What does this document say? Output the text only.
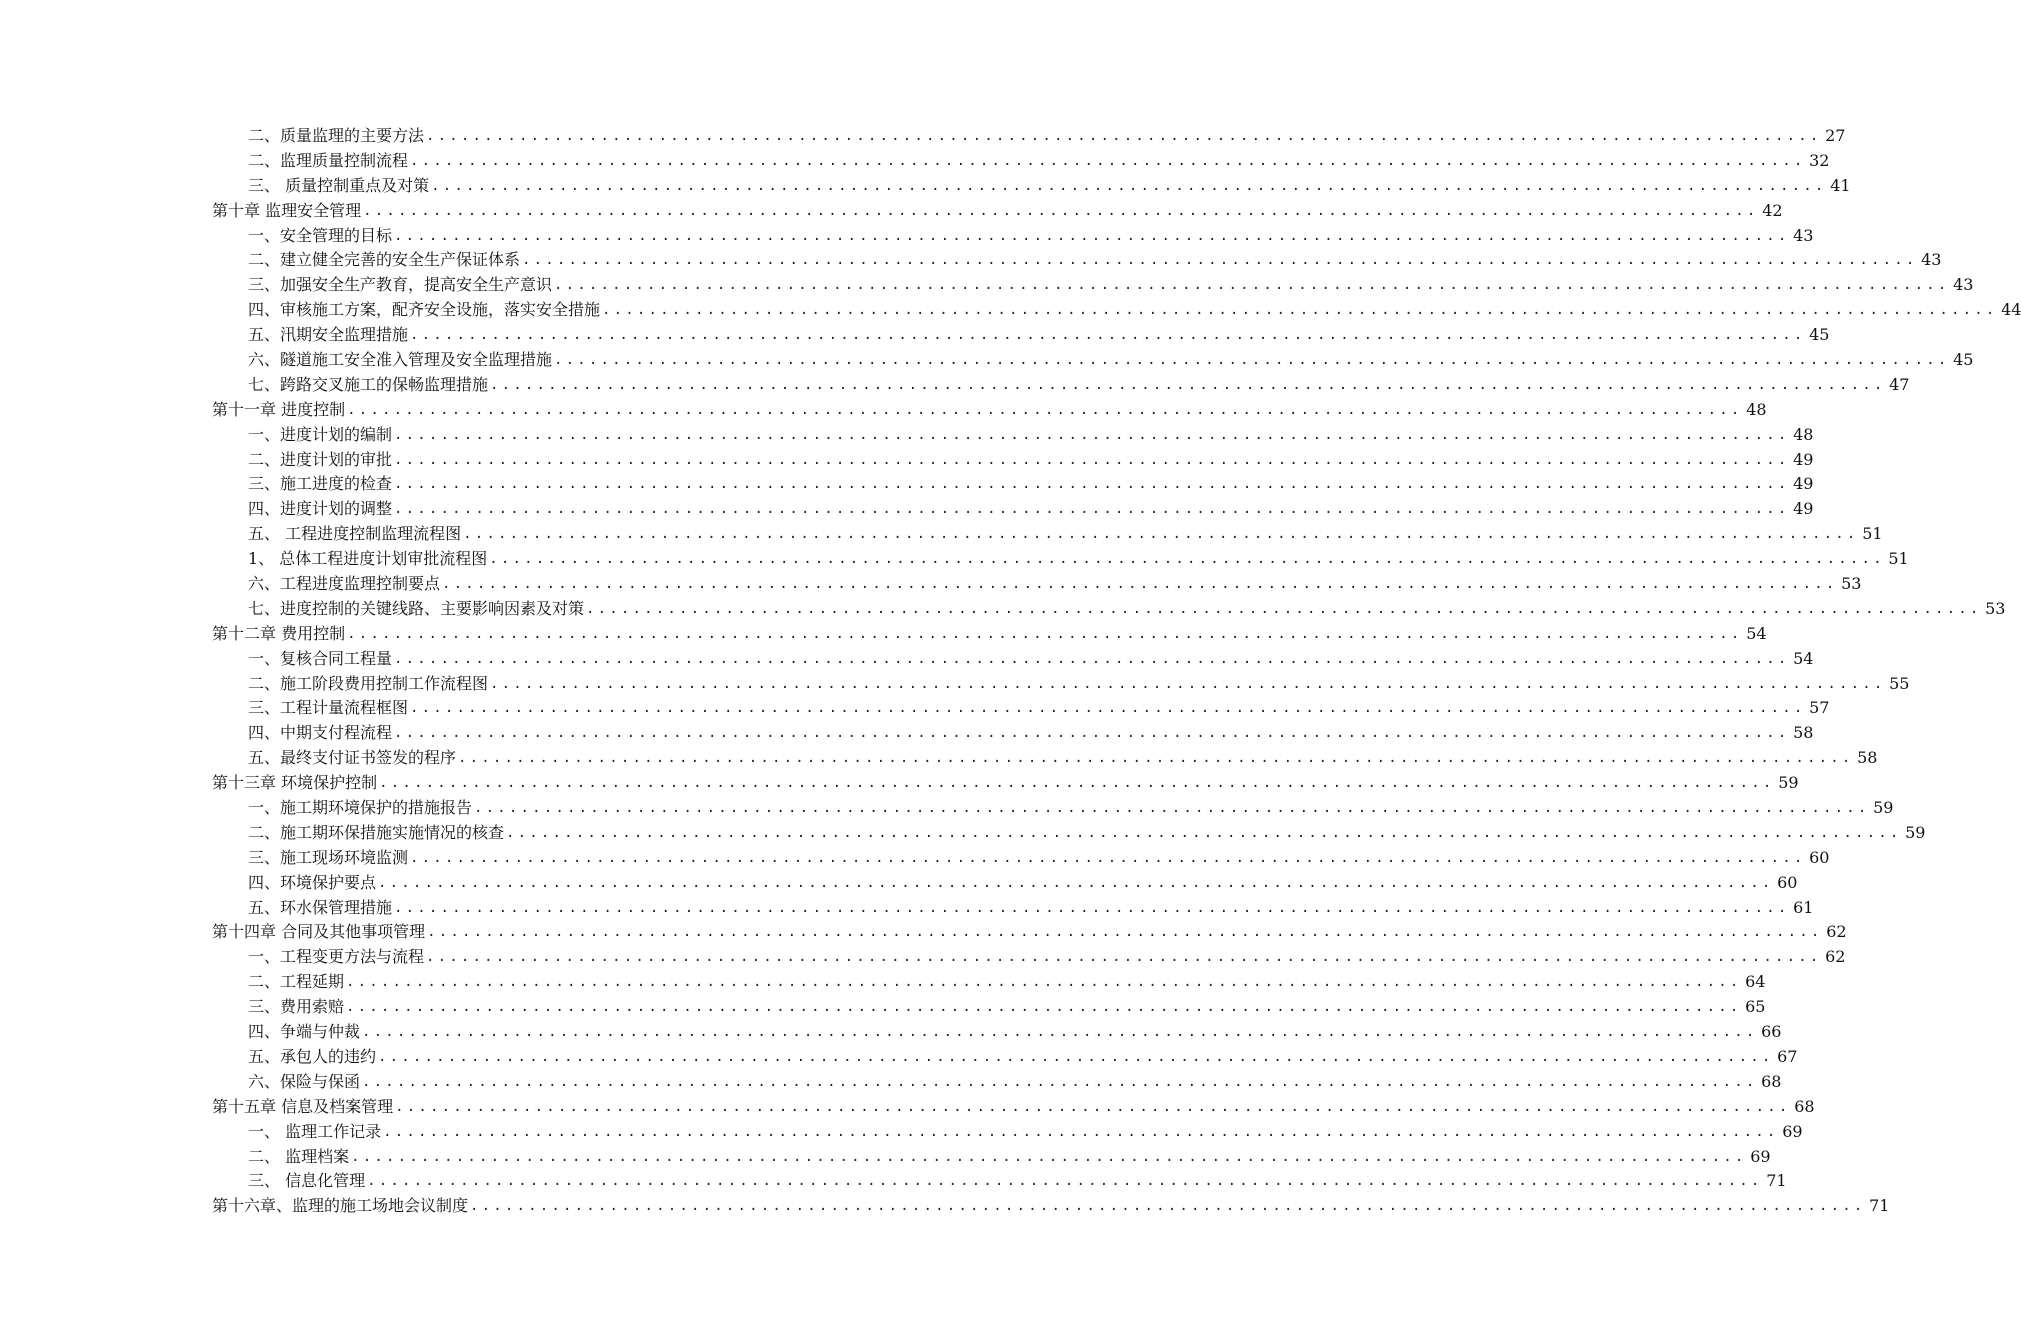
二、质量监理的主要方法 ........................................................................................................................ 27
二、监理质量控制流程 ........................................................................................................................ 32
三、 质量控制重点及对策 ........................................................................................................................ 41
第十章 监理安全管理 ........................................................................................................................ 42
一、安全管理的目标 ........................................................................................................................ 43
二、建立健全完善的安全生产保证体系 ........................................................................................................................ 43
三、加强安全生产教育，提高安全生产意识 ........................................................................................................................ 43
四、审核施工方案，配齐安全设施，落实安全措施 ........................................................................................................................ 44
五、汛期安全监理措施 ........................................................................................................................ 45
六、隧道施工安全准入管理及安全监理措施 ........................................................................................................................ 45
七、跨路交叉施工的保畅监理措施 ........................................................................................................................ 47
第十一章 进度控制 ........................................................................................................................ 48
一、进度计划的编制 ........................................................................................................................ 48
二、进度计划的审批 ........................................................................................................................ 49
三、施工进度的检查 ........................................................................................................................ 49
四、进度计划的调整 ........................................................................................................................ 49
五、 工程进度控制监理流程图 ........................................................................................................................ 51
1、 总体工程进度计划审批流程图 ........................................................................................................................ 51
六、工程进度监理控制要点 ........................................................................................................................ 53
七、进度控制的关键线路、主要影响因素及对策 ........................................................................................................................ 53
第十二章 费用控制 ........................................................................................................................ 54
一、复核合同工程量 ........................................................................................................................ 54
二、施工阶段费用控制工作流程图 ........................................................................................................................ 55
三、工程计量流程框图 ........................................................................................................................ 57
四、中期支付程流程 ........................................................................................................................ 58
五、最终支付证书签发的程序 ........................................................................................................................ 58
第十三章 环境保护控制 ........................................................................................................................ 59
一、施工期环境保护的措施报告 ........................................................................................................................ 59
二、施工期环保措施实施情况的核查 ........................................................................................................................ 59
三、施工现场环境监测 ........................................................................................................................ 60
四、环境保护要点 ........................................................................................................................ 60
五、环水保管理措施 ........................................................................................................................ 61
第十四章 合同及其他事项管理 ........................................................................................................................ 62
一、工程变更方法与流程 ........................................................................................................................ 62
二、工程延期 ........................................................................................................................ 64
三、费用索赔 ........................................................................................................................ 65
四、争端与仲裁 ........................................................................................................................ 66
五、承包人的违约 ........................................................................................................................ 67
六、保险与保函 ........................................................................................................................ 68
第十五章 信息及档案管理 ........................................................................................................................ 68
一、 监理工作记录 ........................................................................................................................ 69
二、 监理档案 ........................................................................................................................ 69
三、 信息化管理 ........................................................................................................................ 71
第十六章、监理的施工场地会议制度 ........................................................................................................................ 71
